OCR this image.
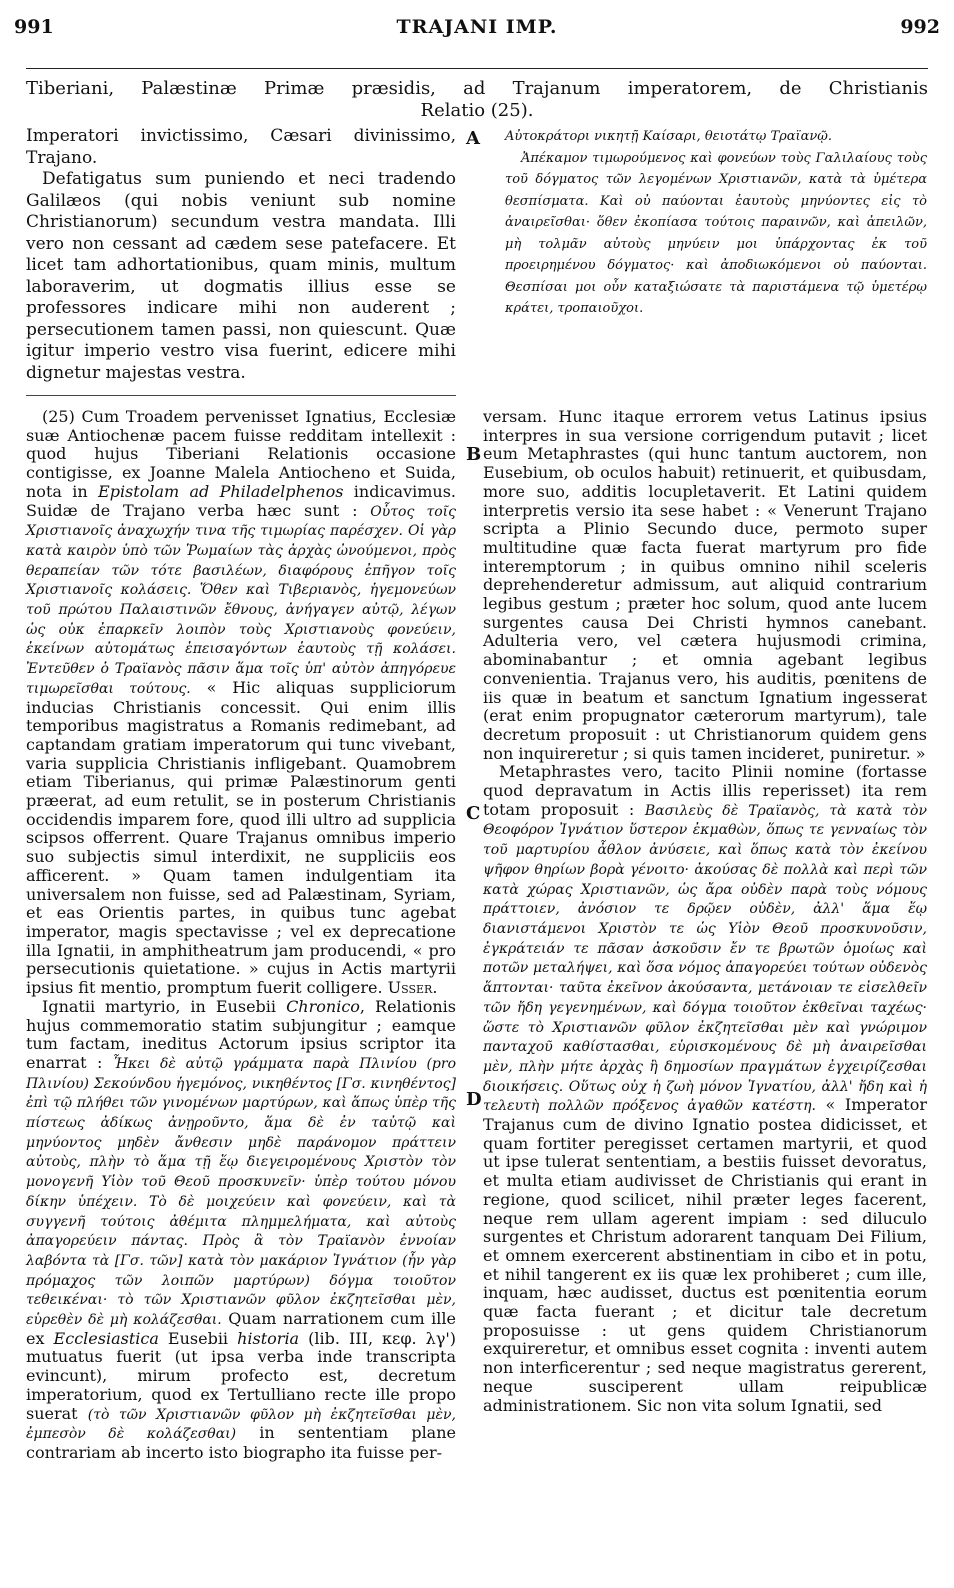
991	TRAJANI IMP.	992
Tiberiani, Palæstinæ Primæ præsidis, ad Trajanum imperatorem, de Christianis
Relatio (25).
A
B
C
D

Imperatori invictissimo, Cæsari divinissimo, Trajano.

Defatigatus sum puniendo et neci tradendo Galilæos (qui nobis veniunt sub nomine Christianorum) secundum vestra mandata. Illi vero non cessant ad cædem sese patefacere. Et licet tam adhortationibus, quam minis, multum laboraverim, ut dogmatis illius esse se professores indicare mihi non auderent ; persecutionem tamen passi, non quiescunt. Quæ igitur imperio vestro visa fuerint, edicere mihi dignetur majestas vestra.

Αὐτοκράτορι νικητῇ Καίσαρι, θειοτάτῳ Τραϊανῷ.

Ἀπέκαμον τιμωρούμενος καὶ φονεύων τοὺς Γαλιλαίους τοὺς τοῦ δόγματος τῶν λεγομένων Χριστιανῶν, κατὰ τὰ ὑμέτερα θεσπίσματα. Καὶ οὐ παύονται ἑαυτοὺς μηνύοντες εἰς τὸ ἀναιρεῖσθαι· ὅθεν ἐκοπίασα τούτοις παραινῶν, καὶ ἀπειλῶν, μὴ τολμᾶν αὐτοὺς μηνύειν μοι ὑπάρχοντας ἐκ τοῦ προειρημένου δόγματος· καὶ ἀποδιωκόμενοι οὐ παύονται. Θεσπίσαι μοι οὖν καταξιώσατε τὰ παριστάμενα τῷ ὑμετέρῳ κράτει, τροπαιοῦχοι.

(25) Cum Troadem pervenisset Ignatius, Ecclesiæ suæ Antiochenæ pacem fuisse redditam intellexit : quod hujus Tiberiani Relationis occasione contigisse, ex Joanne Malela Antiocheno et Suida, nota in Epistolam ad Philadelphenos indicavimus. Suidæ de Trajano verba hæc sunt : Οὗτος τοῖς Χριστιανοῖς ἀναχωχήν τινα τῆς τιμωρίας παρέσχεν. Οἱ γὰρ κατὰ καιρὸν ὑπὸ τῶν Ῥωμαίων τὰς ἀρχὰς ὠνούμενοι, πρὸς θεραπείαν τῶν τότε βασιλέων, διαφόρους ἐπῆγον τοῖς Χριστιανοῖς κολάσεις. Ὅθεν καὶ Τιβεριανὸς, ἡγεμονεύων τοῦ πρώτου Παλαιστινῶν ἔθνους, ἀνήγαγεν αὐτῷ, λέγων ὡς οὐκ ἐπαρκεῖν λοιπὸν τοὺς Χριστιανοὺς φονεύειν, ἐκείνων αὐτομάτως ἑπεισαγόντων ἑαυτοὺς τῇ κολάσει. Ἐντεῦθεν ὁ Τραϊανὸς πᾶσιν ἅμα τοῖς ὑπ' αὐτὸν ἀπηγόρευε τιμωρεῖσθαι τούτους. « Hic aliquas suppliciorum inducias Christianis concessit. Qui enim illis temporibus magistratus a Romanis redimebant, ad captandam gratiam imperatorum qui tunc vivebant, varia supplicia Christianis infligebant. Quamobrem etiam Tiberianus, qui primæ Palæstinorum genti præerat, ad eum retulit, se in posterum Christianis occidendis imparem fore, quod illi ultro ad supplicia scipsos offerrent. Quare Trajanus omnibus imperio suo subjectis simul interdixit, ne suppliciis eos afficerent. » Quam tamen indulgentiam ita universalem non fuisse, sed ad Palæstinam, Syriam, et eas Orientis partes, in quibus tunc agebat imperator, magis spectavisse ; vel ex deprecatione illa Ignatii, in amphitheatrum jam producendi, « pro persecutionis quietatione. » cujus in Actis martyrii ipsius fit mentio, promptum fuerit colligere. Usser.

Ignatii martyrio, in Eusebii Chronico, Relationis hujus commemoratio statim subjungitur ; eamque tum factam, ineditus Actorum ipsius scriptor ita enarrat : Ἧκει δὲ αὐτῷ γράμματα παρὰ Πλινίου (pro Πλινίου) Σεκούνδου ἡγεμόνος, νικηθέντος [Γσ. κινηθέντος] ἐπὶ τῷ πλήθει τῶν γινομένων μαρτύρων, καὶ ἅπως ὑπὲρ τῆς πίστεως ἀδίκως ἀνῃροῦντο, ἅμα δὲ ἐν ταὐτῷ καὶ μηνύοντος μηδὲν ἄνθεσιν μηδὲ παράνομον πράττειν αὐτοὺς, πλὴν τὸ ἅμα τῇ ἕῳ διεγειρομένους Χριστὸν τὸν μονογενῆ Υἱὸν τοῦ Θεοῦ προσκυνεῖν· ὑπὲρ τούτου μόνου δίκην ὑπέχειν. Τὸ δὲ μοιχεύειν καὶ φονεύειν, καὶ τὰ συγγενῆ τούτοις ἀθέμιτα πλημμελήματα, καὶ αὐτοὺς ἀπαγορεύειν πάντας. Πρὸς ἃ τὸν Τραϊανὸν ἐννοίαν λαβόντα τὰ [Γσ. τῶν] κατὰ τὸν μακάριον Ἰγνάτιον (ἦν γὰρ πρόμαχος τῶν λοιπῶν μαρτύρων) δόγμα τοιοῦτον τεθεικέναι· τὸ τῶν Χριστιανῶν φῦλον ἐκζητεῖσθαι μὲν, εὑρεθὲν δὲ μὴ κολάζεσθαι. Quam narrationem cum ille ex Ecclesiastica Eusebii historia (lib. III, κεφ. λγ') mutuatus fuerit (ut ipsa verba inde transcripta evincunt), mirum profecto est, decretum imperatorium, quod ex Tertulliano recte ille propo suerat (τὸ τῶν Χριστιανῶν φῦλον μὴ ἐκζητεῖσθαι μὲν, ἐμπεσὸν δὲ κολάζεσθαι) in sententiam plane contrariam ab incerto isto biographo ita fuisse per-

versam. Hunc itaque errorem vetus Latinus ipsius interpres in sua versione corrigendum putavit ; licet eum Metaphrastes (qui hunc tantum auctorem, non Eusebium, ob oculos habuit) retinuerit, et quibusdam, more suo, additis locupletaverit. Et Latini quidem interpretis versio ita sese habet : « Venerunt Trajano scripta a Plinio Secundo duce, permoto super multitudine quæ facta fuerat martyrum pro fide interemptorum ; in quibus omnino nihil sceleris deprehenderetur admissum, aut aliquid contrarium legibus gestum ; præter hoc solum, quod ante lucem surgentes causa Dei Christi hymnos canebant. Adulteria vero, vel cætera hujusmodi crimina, abominabantur ; et omnia agebant legibus convenientia. Trajanus vero, his auditis, pœnitens de iis quæ in beatum et sanctum Ignatium ingesserat (erat enim propugnator cæterorum martyrum), tale decretum proposuit : ut Christianorum quidem gens non inquireretur ; si quis tamen incideret, puniretur. »

Metaphrastes vero, tacito Plinii nomine (fortasse quod depravatum in Actis illis reperisset) ita rem totam proposuit : Βασιλεὺς δὲ Τραϊανὸς, τὰ κατὰ τὸν Θεοφόρον Ἰγνάτιον ὕστερον ἐκμαθὼν, ὅπως τε γενναίως τὸν τοῦ μαρτυρίου ἆθλον ἀνύσειε, καὶ ὅπως κατὰ τὸν ἐκείνου ψῆφον θηρίων βορὰ γένοιτο· ἀκούσας δὲ πολλὰ καὶ περὶ τῶν κατὰ χώρας Χριστιανῶν, ὡς ἄρα οὐδὲν παρὰ τοὺς νόμους πράττοιεν, ἀνόσιον τε δρῷεν οὐδὲν, ἀλλ' ἅμα ἕῳ διανιστάμενοι Χριστὸν τε ὡς Υἱὸν Θεοῦ προσκυνοῦσιν, ἐγκράτειάν τε πᾶσαν ἀσκοῦσιν ἔν τε βρωτῶν ὁμοίως καὶ ποτῶν μεταλήψει, καὶ ὅσα νόμος ἀπαγορεύει τούτων οὐδενὸς ἅπτονται· ταῦτα ἐκεῖνον ἀκούσαντα, μετάνοιαν τε εἰσελθεῖν τῶν ἤδη γεγενημένων, καὶ δόγμα τοιοῦτον ἐκθεῖναι ταχέως· ὥστε τὸ Χριστιανῶν φῦλον ἐκζητεῖσθαι μὲν καὶ γνώριμον πανταχοῦ καθίστασθαι, εὑρισκομένους δὲ μὴ ἀναιρεῖσθαι μὲν, πλὴν μήτε ἀρχὰς ἢ δημοσίων πραγμάτων ἐγχειρίζεσθαι διοικήσεις. Οὕτως οὐχ ἡ ζωὴ μόνον Ἰγνατίου, ἀλλ' ἤδη καὶ ἡ τελευτὴ πολλῶν πρόξενος ἀγαθῶν κατέστη. « Imperator Trajanus cum de divino Ignatio postea didicisset, et quam fortiter peregisset certamen martyrii, et quod ut ipse tulerat sententiam, a bestiis fuisset devoratus, et multa etiam audivisset de Christianis qui erant in regione, quod scilicet, nihil præter leges facerent, neque rem ullam agerent impiam : sed diluculo surgentes et Christum adorarent tanquam Dei Filium, et omnem exercerent abstinentiam in cibo et in potu, et nihil tangerent ex iis quæ lex prohiberet ; cum ille, inquam, hæc audisset, ductus est pœnitentia eorum quæ facta fuerant ; et dicitur tale decretum proposuisse : ut gens quidem Christianorum exquireretur, et omnibus esset cognita : inventi autem non interficerentur ; sed neque magistratus gererent, neque susciperent ullam reipublicæ administrationem. Sic non vita solum Ignatii, sed
